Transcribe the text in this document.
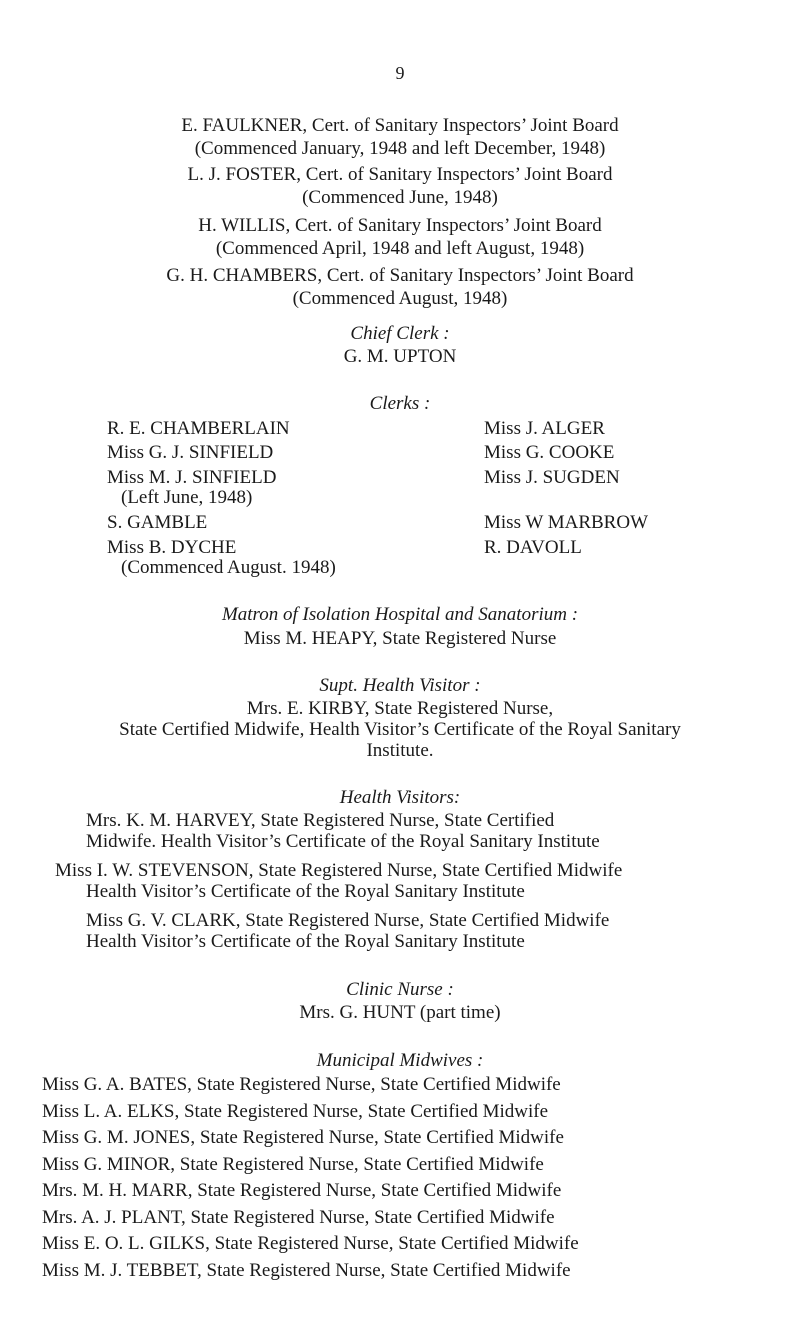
9
E. FAULKNER, Cert. of Sanitary Inspectors’ Joint Board
(Commenced January, 1948 and left December, 1948)
L. J. FOSTER, Cert. of Sanitary Inspectors’ Joint Board
(Commenced June, 1948)
H. WILLIS, Cert. of Sanitary Inspectors’ Joint Board
(Commenced April, 1948 and left August, 1948)
G. H. CHAMBERS, Cert. of Sanitary Inspectors’ Joint Board
(Commenced August, 1948)
Chief Clerk :
G. M. UPTON
Clerks :
R. E. CHAMBERLAIN
Miss G. J. SINFIELD
Miss M. J. SINFIELD
(Left June, 1948)
S. GAMBLE
Miss B. DYCHE
(Commenced August. 1948)
Miss J. ALGER
Miss G. COOKE
Miss J. SUGDEN
Miss W MARBROW
R. DAVOLL
Matron of Isolation Hospital and Sanatorium :
Miss M. HEAPY, State Registered Nurse
Supt. Health Visitor :
Mrs. E. KIRBY, State Registered Nurse,
State Certified Midwife, Health Visitor’s Certificate of the Royal Sanitary
Institute.
Health Visitors:
Mrs. K. M. HARVEY, State Registered Nurse, State Certified
Midwife. Health Visitor’s Certificate of the Royal Sanitary Institute
Miss I. W. STEVENSON, State Registered Nurse, State Certified Midwife
Health Visitor’s Certificate of the Royal Sanitary Institute
Miss G. V. CLARK, State Registered Nurse, State Certified Midwife
Health Visitor’s Certificate of the Royal Sanitary Institute
Clinic Nurse :
Mrs. G. HUNT (part time)
Municipal Midwives :
Miss G. A. BATES, State Registered Nurse, State Certified Midwife
Miss L. A. ELKS, State Registered Nurse, State Certified Midwife
Miss G. M. JONES, State Registered Nurse, State Certified Midwife
Miss G. MINOR, State Registered Nurse, State Certified Midwife
Mrs. M. H. MARR, State Registered Nurse, State Certified Midwife
Mrs. A. J. PLANT, State Registered Nurse, State Certified Midwife
Miss E. O. L. GILKS, State Registered Nurse, State Certified Midwife
Miss M. J. TEBBET, State Registered Nurse, State Certified Midwife
